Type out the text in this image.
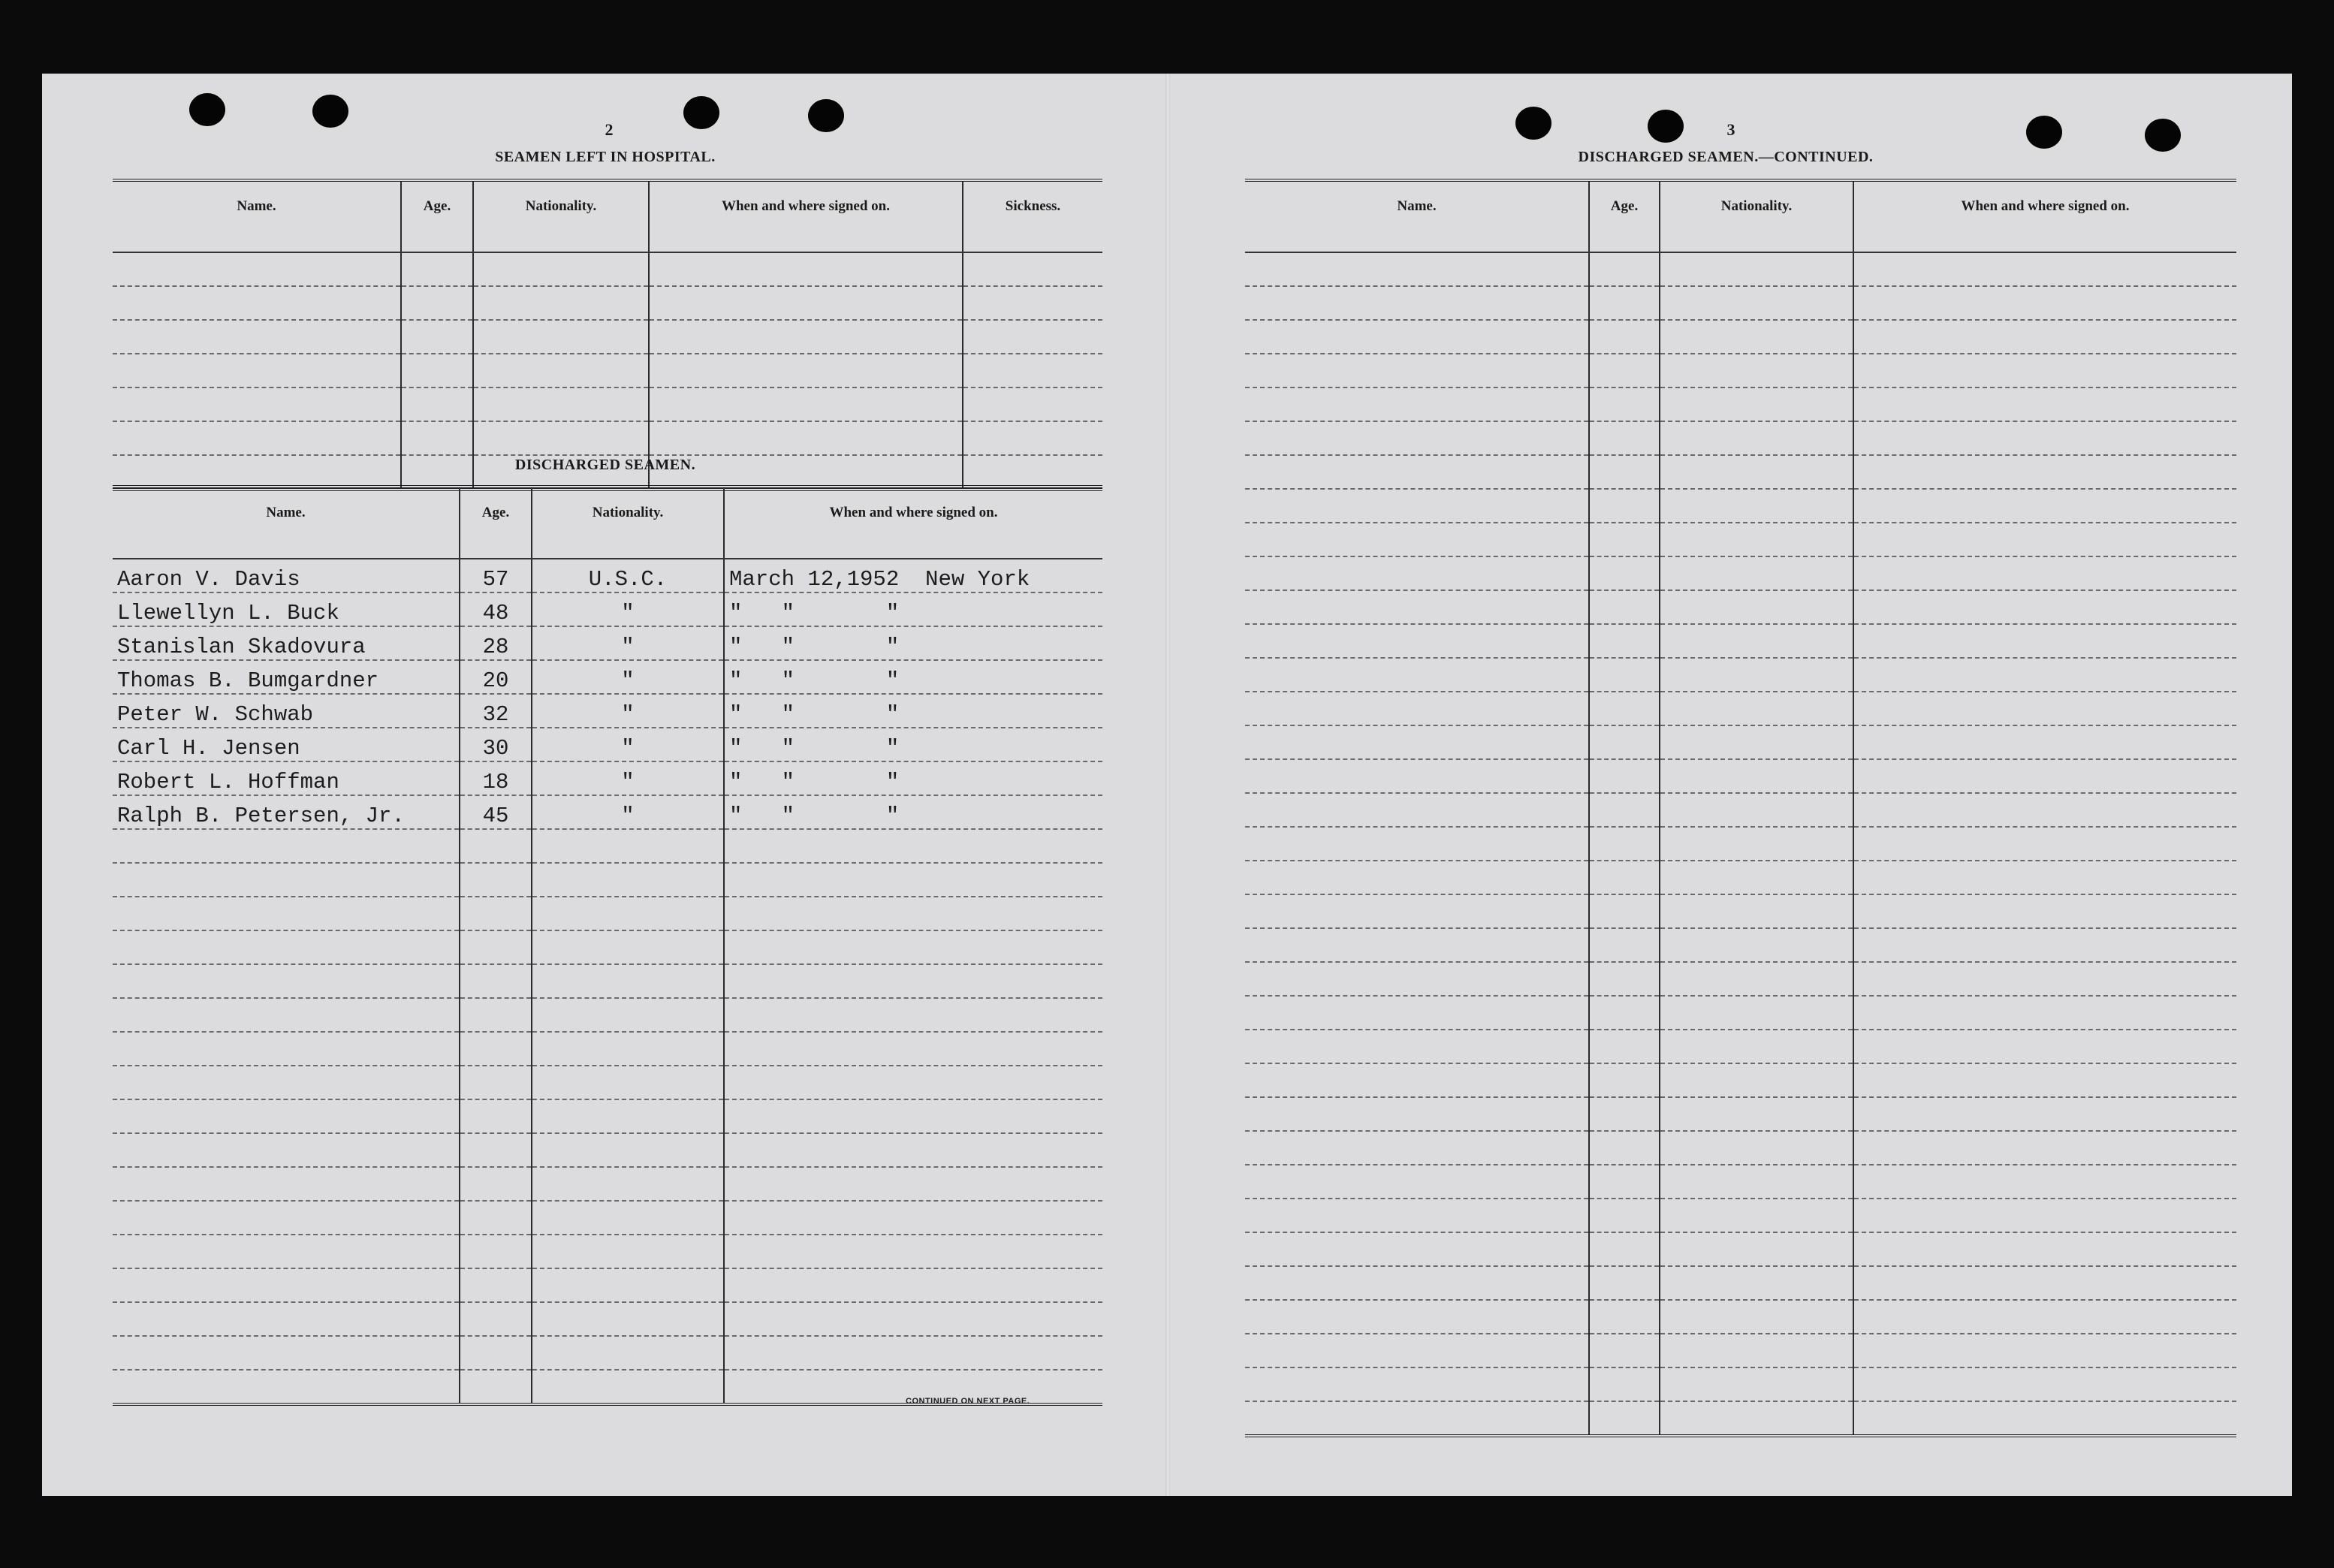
2
SEAMEN LEFT IN HOSPITAL.
Name.	Age.	Nationality.	When and where signed on.	Sickness.

DISCHARGED SEAMEN.
Name.	Age.	Nationality.	When and where signed on.
Aaron V. Davis	57	U.S.C.	March 12,1952  New York
Llewellyn L. Buck	48	"	"   "       "
Stanislan Skadovura	28	"	"   "       "
Thomas B. Bumgardner	20	"	"   "       "
Peter W. Schwab	32	"	"   "       "
Carl H. Jensen	30	"	"   "       "
Robert L. Hoffman	18	"	"   "       "
Ralph B. Petersen, Jr.	45	"	"   "       "

CONTINUED ON NEXT PAGE.
3
DISCHARGED SEAMEN.—CONTINUED.
Name.	Age.	Nationality.	When and where signed on.
